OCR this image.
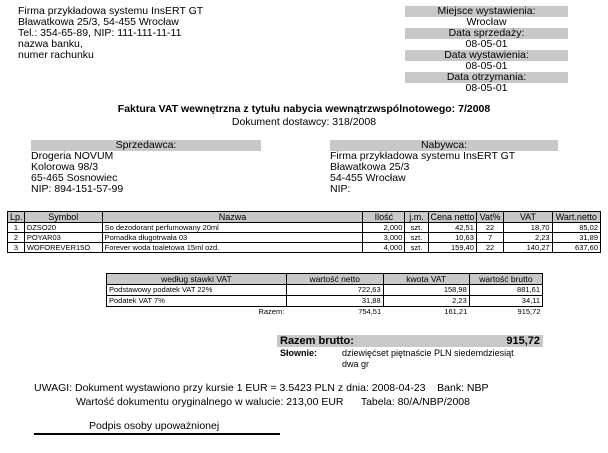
Firma przykładowa systemu InsERT GT
Bławatkowa 25/3, 54-455 Wrocław
Tel.: 354-65-89, NIP: 111-111-11-11
nazwa banku,
numer rachunku
Miejsce wystawienia:
Wrocław
Data sprzedaży:
08-05-01
Data wystawienia:
08-05-01
Data otrzymania:
08-05-01
Faktura VAT wewnętrzna z tytułu nabycia wewnątrzwspólnotowego: 7/2008
Dokument dostawcy: 318/2008
Sprzedawca:
Drogeria NOVUM
Kolorowa 98/3
65-465 Sosnowiec
NIP: 894-151-57-99
Nabywca:
Firma przykładowa systemu InsERT GT
Bławatkowa 25/3
54-455 Wrocław
NIP:
Lp.	Symbol	Nazwa	Ilość	j.m.	Cena netto	Vat%	VAT	Wart.netto
1	DZSO20	So dezodorant perfumowany 20ml	2,000	szt.	42,51	22	18,70	85,02
2	POYAR03	Pomadka długotrwała 03	3,000	szt.	10,63	7	2,23	31,89
3	WOFOREVER15O	Forever woda toaletowa 15ml ozd.	4,000	szt.	159,40	22	140,27	637,60
według stawki VAT	wartość netto	kwota VAT	wartość brutto
Podstawowy podatek VAT 22%	722,63	158,98	881,61
Podatek VAT 7%	31,88	2,23	34,11
Razem:	754,51	161,21	915,72
Razem brutto:	915,72
Słownie:	dziewięćset piętnaście PLN siedemdziesiąt
dwa gr
UWAGI: Dokument wystawiono przy kursie 1 EUR = 3.5423 PLN z dnia: 2008-04-23    Bank: NBP
Wartość dokumentu oryginalnego w walucie: 213,00 EUR      Tabela: 80/A/NBP/2008
Podpis osoby upoważnionej
